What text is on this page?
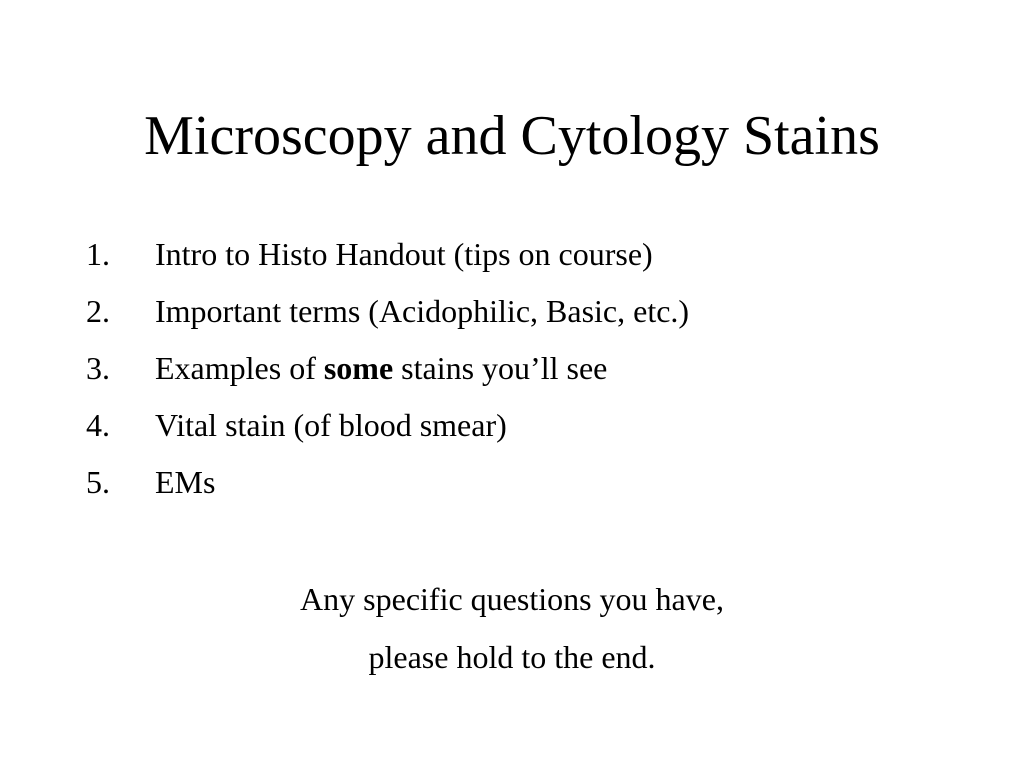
Microscopy and Cytology Stains
1.	Intro to Histo Handout (tips on course)
2.	Important terms (Acidophilic, Basic, etc.)
3.	Examples of some stains you’ll see
4.	Vital stain (of blood smear)
5.	EMs

Any specific questions you have,
please hold to the end.
